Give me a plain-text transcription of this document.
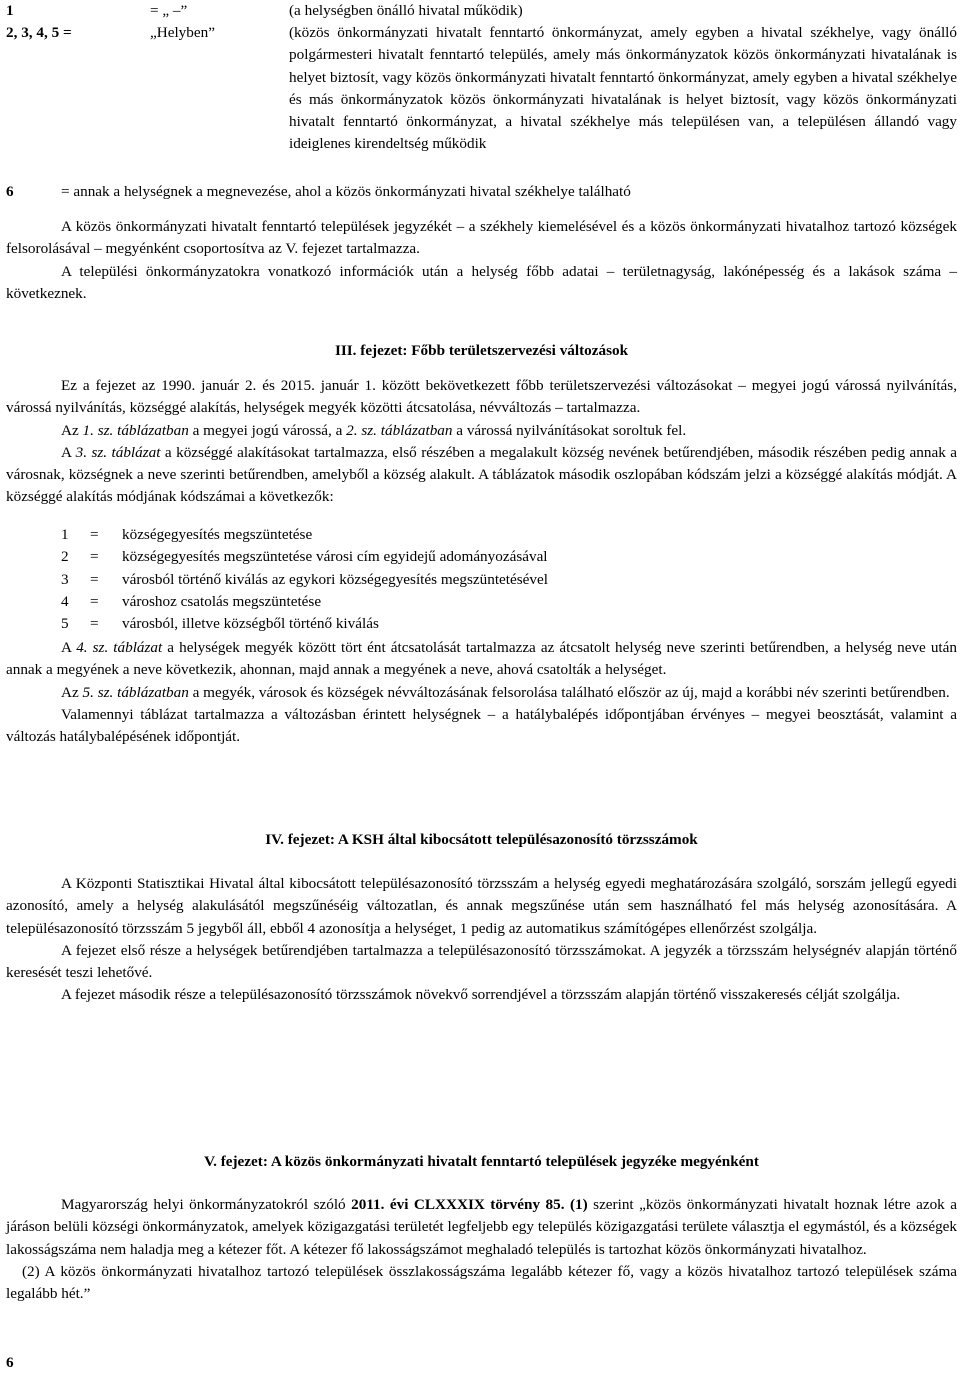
1	= „ –”	(a helységben önálló hivatal működik)
2, 3, 4, 5 =	„Helyben”	(közös önkormányzati hivatalt fenntartó önkormányzat, amely egyben a hivatal székhelye, vagy önálló polgármesteri hivatalt fenntartó település, amely más önkormányzatok közös önkormányzati hivatalának is helyet biztosít, vagy közös önkormányzati hivatalt fenntartó önkormányzat, amely egyben a hivatal székhelye és más önkormányzatok közös önkormányzati hivatalának is helyet biztosít, vagy közös önkormányzati hivatalt fenntartó önkormányzat, a hivatal székhelye más településen van, a településen állandó vagy ideiglenes kirendeltség működik
6	= annak a helységnek a megnevezése, ahol a közös önkormányzati hivatal székhelye található

A közös önkormányzati hivatalt fenntartó települések jegyzékét – a székhely kiemelésével és a közös önkormányzati hivatalhoz tartozó községek felsorolásával – megyénként csoportosítva az V. fejezet tartalmazza.

A települési önkormányzatokra vonatkozó információk után a helység főbb adatai – területnagyság, lakónépesség és a lakások száma – következnek.

III. fejezet: Főbb területszervezési változások

Ez a fejezet az 1990. január 2. és 2015. január 1. között bekövetkezett főbb területszervezési változásokat – megyei jogú várossá nyilvánítás, várossá nyilvánítás, községgé alakítás, helységek megyék közötti átcsatolása, névváltozás – tartalmazza.

Az 1. sz. táblázatban a megyei jogú várossá, a 2. sz. táblázatban a várossá nyilvánításokat soroltuk fel.

A 3. sz. táblázat a községgé alakításokat tartalmazza, első részében a megalakult község nevének betűrendjében, második részében pedig annak a városnak, községnek a neve szerinti betűrendben, amelyből a község alakult. A táblázatok második oszlopában kódszám jelzi a községgé alakítás módját. A községgé alakítás módjának kódszámai a következők:

1 = községegyesítés megszüntetése
2 = községegyesítés megszüntetése városi cím egyidejű adományozásával
3 = városból történő kiválás az egykori községegyesítés megszüntetésével
4 = városhoz csatolás megszüntetése
5 = városból, illetve községből történő kiválás

A 4. sz. táblázat a helységek megyék között tört ént átcsatolását tartalmazza az átcsatolt helység neve szerinti betűrendben, a helység neve után annak a megyének a neve következik, ahonnan, majd annak a megyének a neve, ahová csatolták a helységet.

Az 5. sz. táblázatban a megyék, városok és községek névváltozásának felsorolása található először az új, majd a korábbi név szerinti betűrendben.

Valamennyi táblázat tartalmazza a változásban érintett helységnek – a hatálybalépés időpontjában érvényes – megyei beosztását, valamint a változás hatálybalépésének időpontját.

IV. fejezet: A KSH által kibocsátott településazonosító törzsszámok

A Központi Statisztikai Hivatal által kibocsátott településazonosító törzsszám a helység egyedi meghatározására szolgáló, sorszám jellegű egyedi azonosító, amely a helység alakulásától megszűnéséig változatlan, és annak megszűnése után sem használható fel más helység azonosítására. A településazonosító törzsszám 5 jegyből áll, ebből 4 azonosítja a helységet, 1 pedig az automatikus számítógépes ellenőrzést szolgálja.

A fejezet első része a helységek betűrendjében tartalmazza a településazonosító törzsszámokat. A jegyzék a törzsszám helységnév alapján történő keresését teszi lehetővé.

A fejezet második része a településazonosító törzsszámok növekvő sorrendjével a törzsszám alapján történő visszakeresés célját szolgálja.

V. fejezet: A közös önkormányzati hivatalt fenntartó települések jegyzéke megyénként

Magyarország helyi önkormányzatokról szóló 2011. évi CLXXXIX törvény 85. (1) szerint „közös önkormányzati hivatalt hoznak létre azok a járáson belüli községi önkormányzatok, amelyek közigazgatási területét legfeljebb egy település közigazgatási területe választja el egymástól, és a községek lakosságszáma nem haladja meg a kétezer főt. A kétezer fő lakosságszámot meghaladó település is tartozhat közös önkormányzati hivatalhoz.

(2) A közös önkormányzati hivatalhoz tartozó települések összlakosságszáma legalább kétezer fő, vagy a közös hivatalhoz tartozó települések száma legalább hét.”

6
